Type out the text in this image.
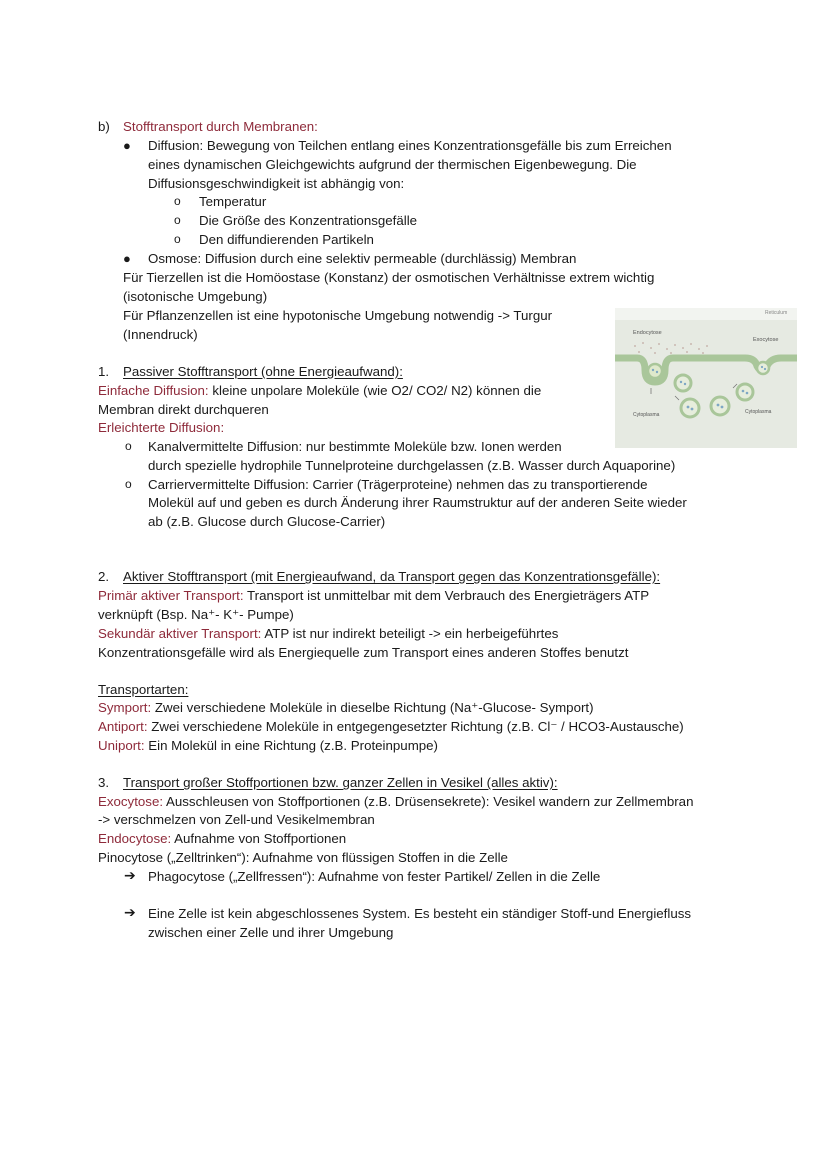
b) Stofftransport durch Membranen:
● Diffusion: Bewegung von Teilchen entlang eines Konzentrationsgefälle bis zum Erreichen
eines dynamischen Gleichgewichts aufgrund der thermischen Eigenbewegung. Die
Diffusionsgeschwindigkeit ist abhängig von:
o Temperatur
o Die Größe des Konzentrationsgefälle
o Den diffundierenden Partikeln
● Osmose: Diffusion durch eine selektiv permeable (durchlässig) Membran
Für Tierzellen ist die Homöostase (Konstanz) der osmotischen Verhältnisse extrem wichtig
(isotonische Umgebung)
Für Pflanzenzellen ist eine hypotonische Umgebung notwendig -> Turgur
(Innendruck)
Reticulum
Endocytose
Exocytose
Cytoplasma	Cytoplasma
1. Passiver Stofftransport (ohne Energieaufwand):
Einfache Diffusion: kleine unpolare Moleküle (wie O2/ CO2/ N2) können die
Membran direkt durchqueren
Erleichterte Diffusion:
o Kanalvermittelte Diffusion: nur bestimmte Moleküle bzw. Ionen werden
durch spezielle hydrophile Tunnelproteine durchgelassen (z.B. Wasser durch Aquaporine)
o Carriervermittelte Diffusion: Carrier (Trägerproteine) nehmen das zu transportierende
Molekül auf und geben es durch Änderung ihrer Raumstruktur auf der anderen Seite wieder
ab (z.B. Glucose durch Glucose-Carrier)
2. Aktiver Stofftransport (mit Energieaufwand, da Transport gegen das Konzentrationsgefälle):
Primär aktiver Transport: Transport ist unmittelbar mit dem Verbrauch des Energieträgers ATP
verknüpft (Bsp. Na⁺- K⁺- Pumpe)
Sekundär aktiver Transport: ATP ist nur indirekt beteiligt -> ein herbeigeführtes
Konzentrationsgefälle wird als Energiequelle zum Transport eines anderen Stoffes benutzt
Transportarten:
Symport: Zwei verschiedene Moleküle in dieselbe Richtung (Na⁺-Glucose- Symport)
Antiport: Zwei verschiedene Moleküle in entgegengesetzter Richtung (z.B. Cl⁻ / HCO3-Austausche)
Uniport: Ein Molekül in eine Richtung (z.B. Proteinpumpe)
3. Transport großer Stoffportionen bzw. ganzer Zellen in Vesikel (alles aktiv):
Exocytose: Ausschleusen von Stoffportionen (z.B. Drüsensekrete): Vesikel wandern zur Zellmembran
-> verschmelzen von Zell-und Vesikelmembran
Endocytose: Aufnahme von Stoffportionen
Pinocytose („Zelltrinken“): Aufnahme von flüssigen Stoffen in die Zelle
➔ Phagocytose („Zellfressen“): Aufnahme von fester Partikel/ Zellen in die Zelle
➔ Eine Zelle ist kein abgeschlossenes System. Es besteht ein ständiger Stoff-und Energiefluss
zwischen einer Zelle und ihrer Umgebung
